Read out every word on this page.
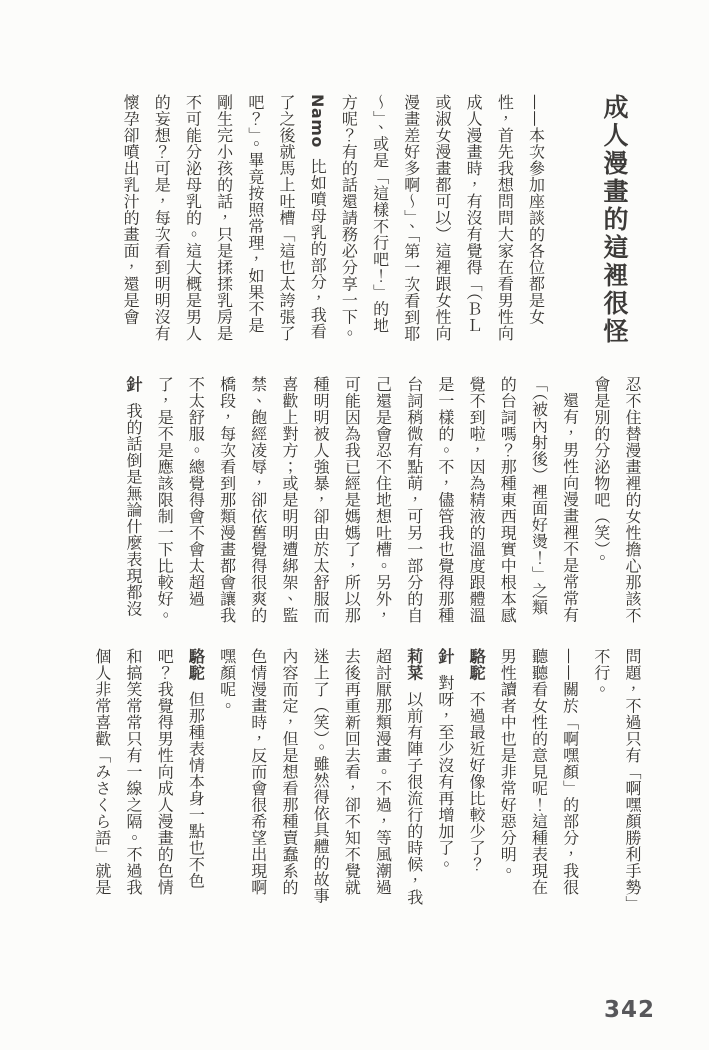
成人漫畫的這裡很怪

——本次參加座談的各位都是女性，首先我想問問大家在看男性向成人漫畫時，有沒有覺得「（ＢＬ或淑女漫畫都可以）這裡跟女性向漫畫差好多啊～」、「第一次看到耶～」、或是「這樣不行吧！」的地方呢？有的話還請務必分享一下。

Namo比如噴母乳的部分，我看了之後就馬上吐槽「這也太誇張了吧？」。畢竟按照常理，如果不是剛生完小孩的話，只是揉揉乳房是不可能分泌母乳的。這大概是男人的妄想？可是，每次看到明明沒有懷孕卻噴出乳汁的畫面，還是會

忍不住替漫畫裡的女性擔心那該不會是別的分泌物吧（笑）。

還有，男性向漫畫裡不是常常有「（被內射後）裡面好燙！」之類的台詞嗎？那種東西現實中根本感覺不到啦，因為精液的溫度跟體溫是一樣的。不，儘管我也覺得那種台詞稍微有點萌，可另一部分的自己還是會忍不住地想吐槽。另外，可能因為我已經是媽媽了，所以那種明明被人強暴，卻由於太舒服而喜歡上對方；或是明明遭綁架、監禁、飽經凌辱，卻依舊覺得很爽的橋段，每次看到那類漫畫都會讓我不太舒服。總覺得會不會太超過了，是不是應該限制一下比較好。

針我的話倒是無論什麼表現都沒

問題，不過只有「啊嘿顏勝利手勢」不行。

——關於「啊嘿顏」的部分，我很聽聽看女性的意見呢！這種表現在男性讀者中也是非常好惡分明。

駱駝不過最近好像比較少了？

針對呀，至少沒有再增加了。

莉菜以前有陣子很流行的時候，我超討厭那類漫畫。不過，等風潮過去後再重新回去看，卻不知不覺就迷上了（笑）。雖然得依具體的故事內容而定，但是想看那種賣蠢系的色情漫畫時，反而會很希望出現啊嘿顏呢。

駱駝但那種表情本身一點也不色吧？我覺得男性向成人漫畫的色情和搞笑常常只有一線之隔。不過我個人非常喜歡「みさくら語」就是

342
